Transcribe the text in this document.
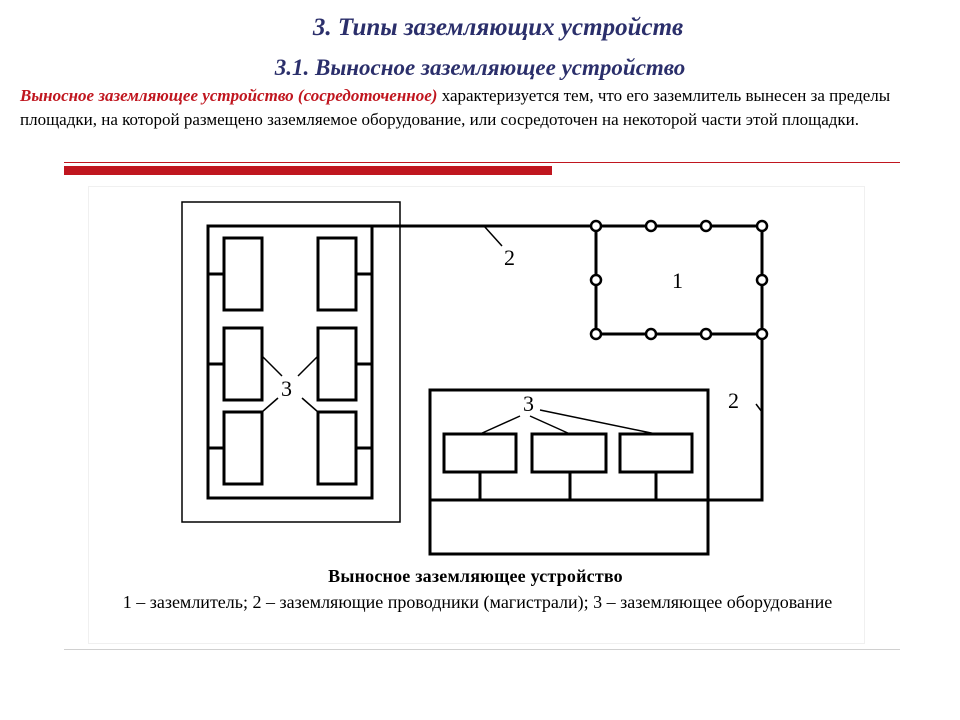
3. Типы заземляющих устройств
3.1. Выносное заземляющее устройство
Выносное заземляющее устройство (сосредоточенное) характеризуется тем, что его заземлитель вынесен за пределы площадки, на которой размещено заземляемое оборудование, или сосредоточен на некоторой части этой площадки.
1
2
2
3
3
Выносное заземляющее устройство
1 – заземлитель; 2 – заземляющие проводники (магистрали); 3 – заземляющее оборудование
